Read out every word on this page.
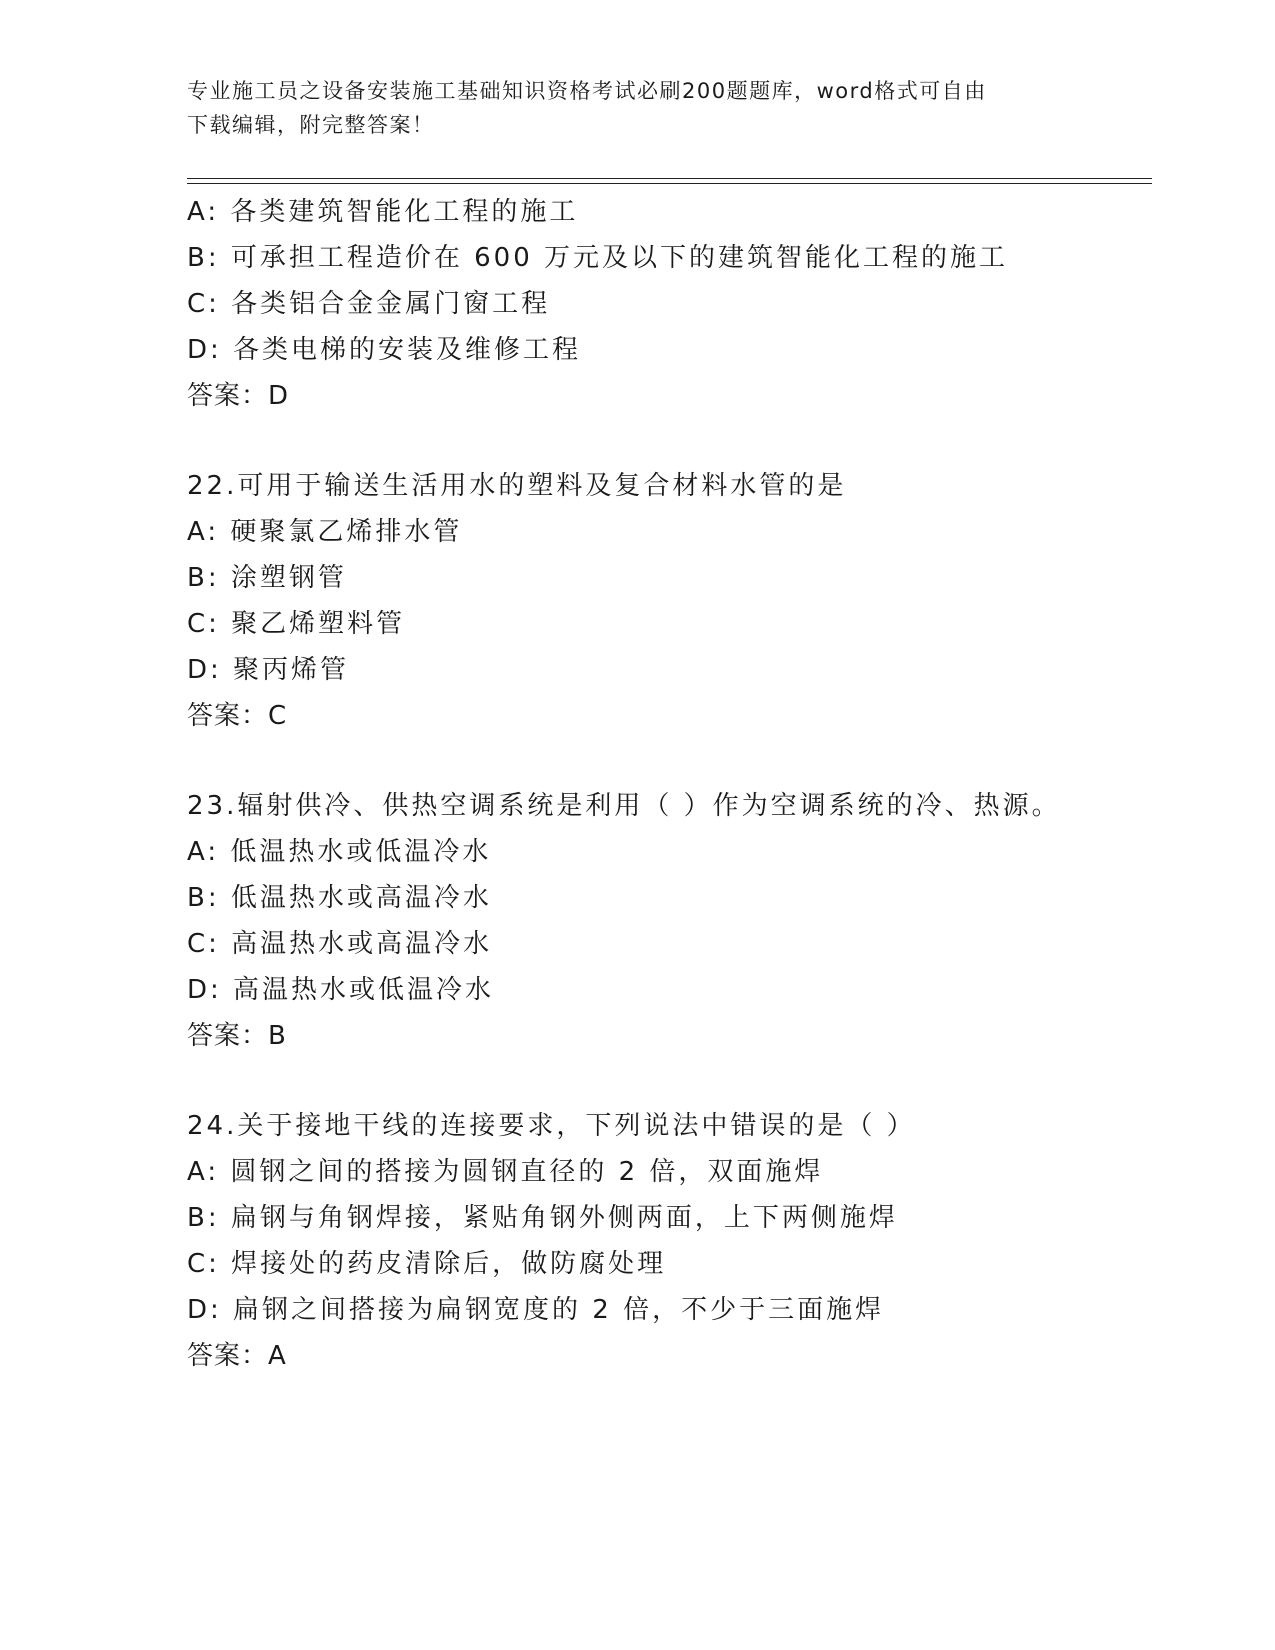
专业施工员之设备安装施工基础知识资格考试必刷200题题库，word格式可自由
下载编辑，附完整答案！
A: 各类建筑智能化工程的施工
B: 可承担工程造价在 600 万元及以下的建筑智能化工程的施工
C: 各类铝合金金属门窗工程
D: 各类电梯的安装及维修工程
答案：D
22.可用于输送生活用水的塑料及复合材料水管的是
A: 硬聚氯乙烯排水管
B: 涂塑钢管
C: 聚乙烯塑料管
D: 聚丙烯管
答案：C
23.辐射供冷、供热空调系统是利用（ ）作为空调系统的冷、热源。
A: 低温热水或低温冷水
B: 低温热水或高温冷水
C: 高温热水或高温冷水
D: 高温热水或低温冷水
答案：B
24.关于接地干线的连接要求，下列说法中错误的是（ ）
A: 圆钢之间的搭接为圆钢直径的 2 倍，双面施焊
B: 扁钢与角钢焊接，紧贴角钢外侧两面，上下两侧施焊
C: 焊接处的药皮清除后，做防腐处理
D: 扁钢之间搭接为扁钢宽度的 2 倍，不少于三面施焊
答案：A
